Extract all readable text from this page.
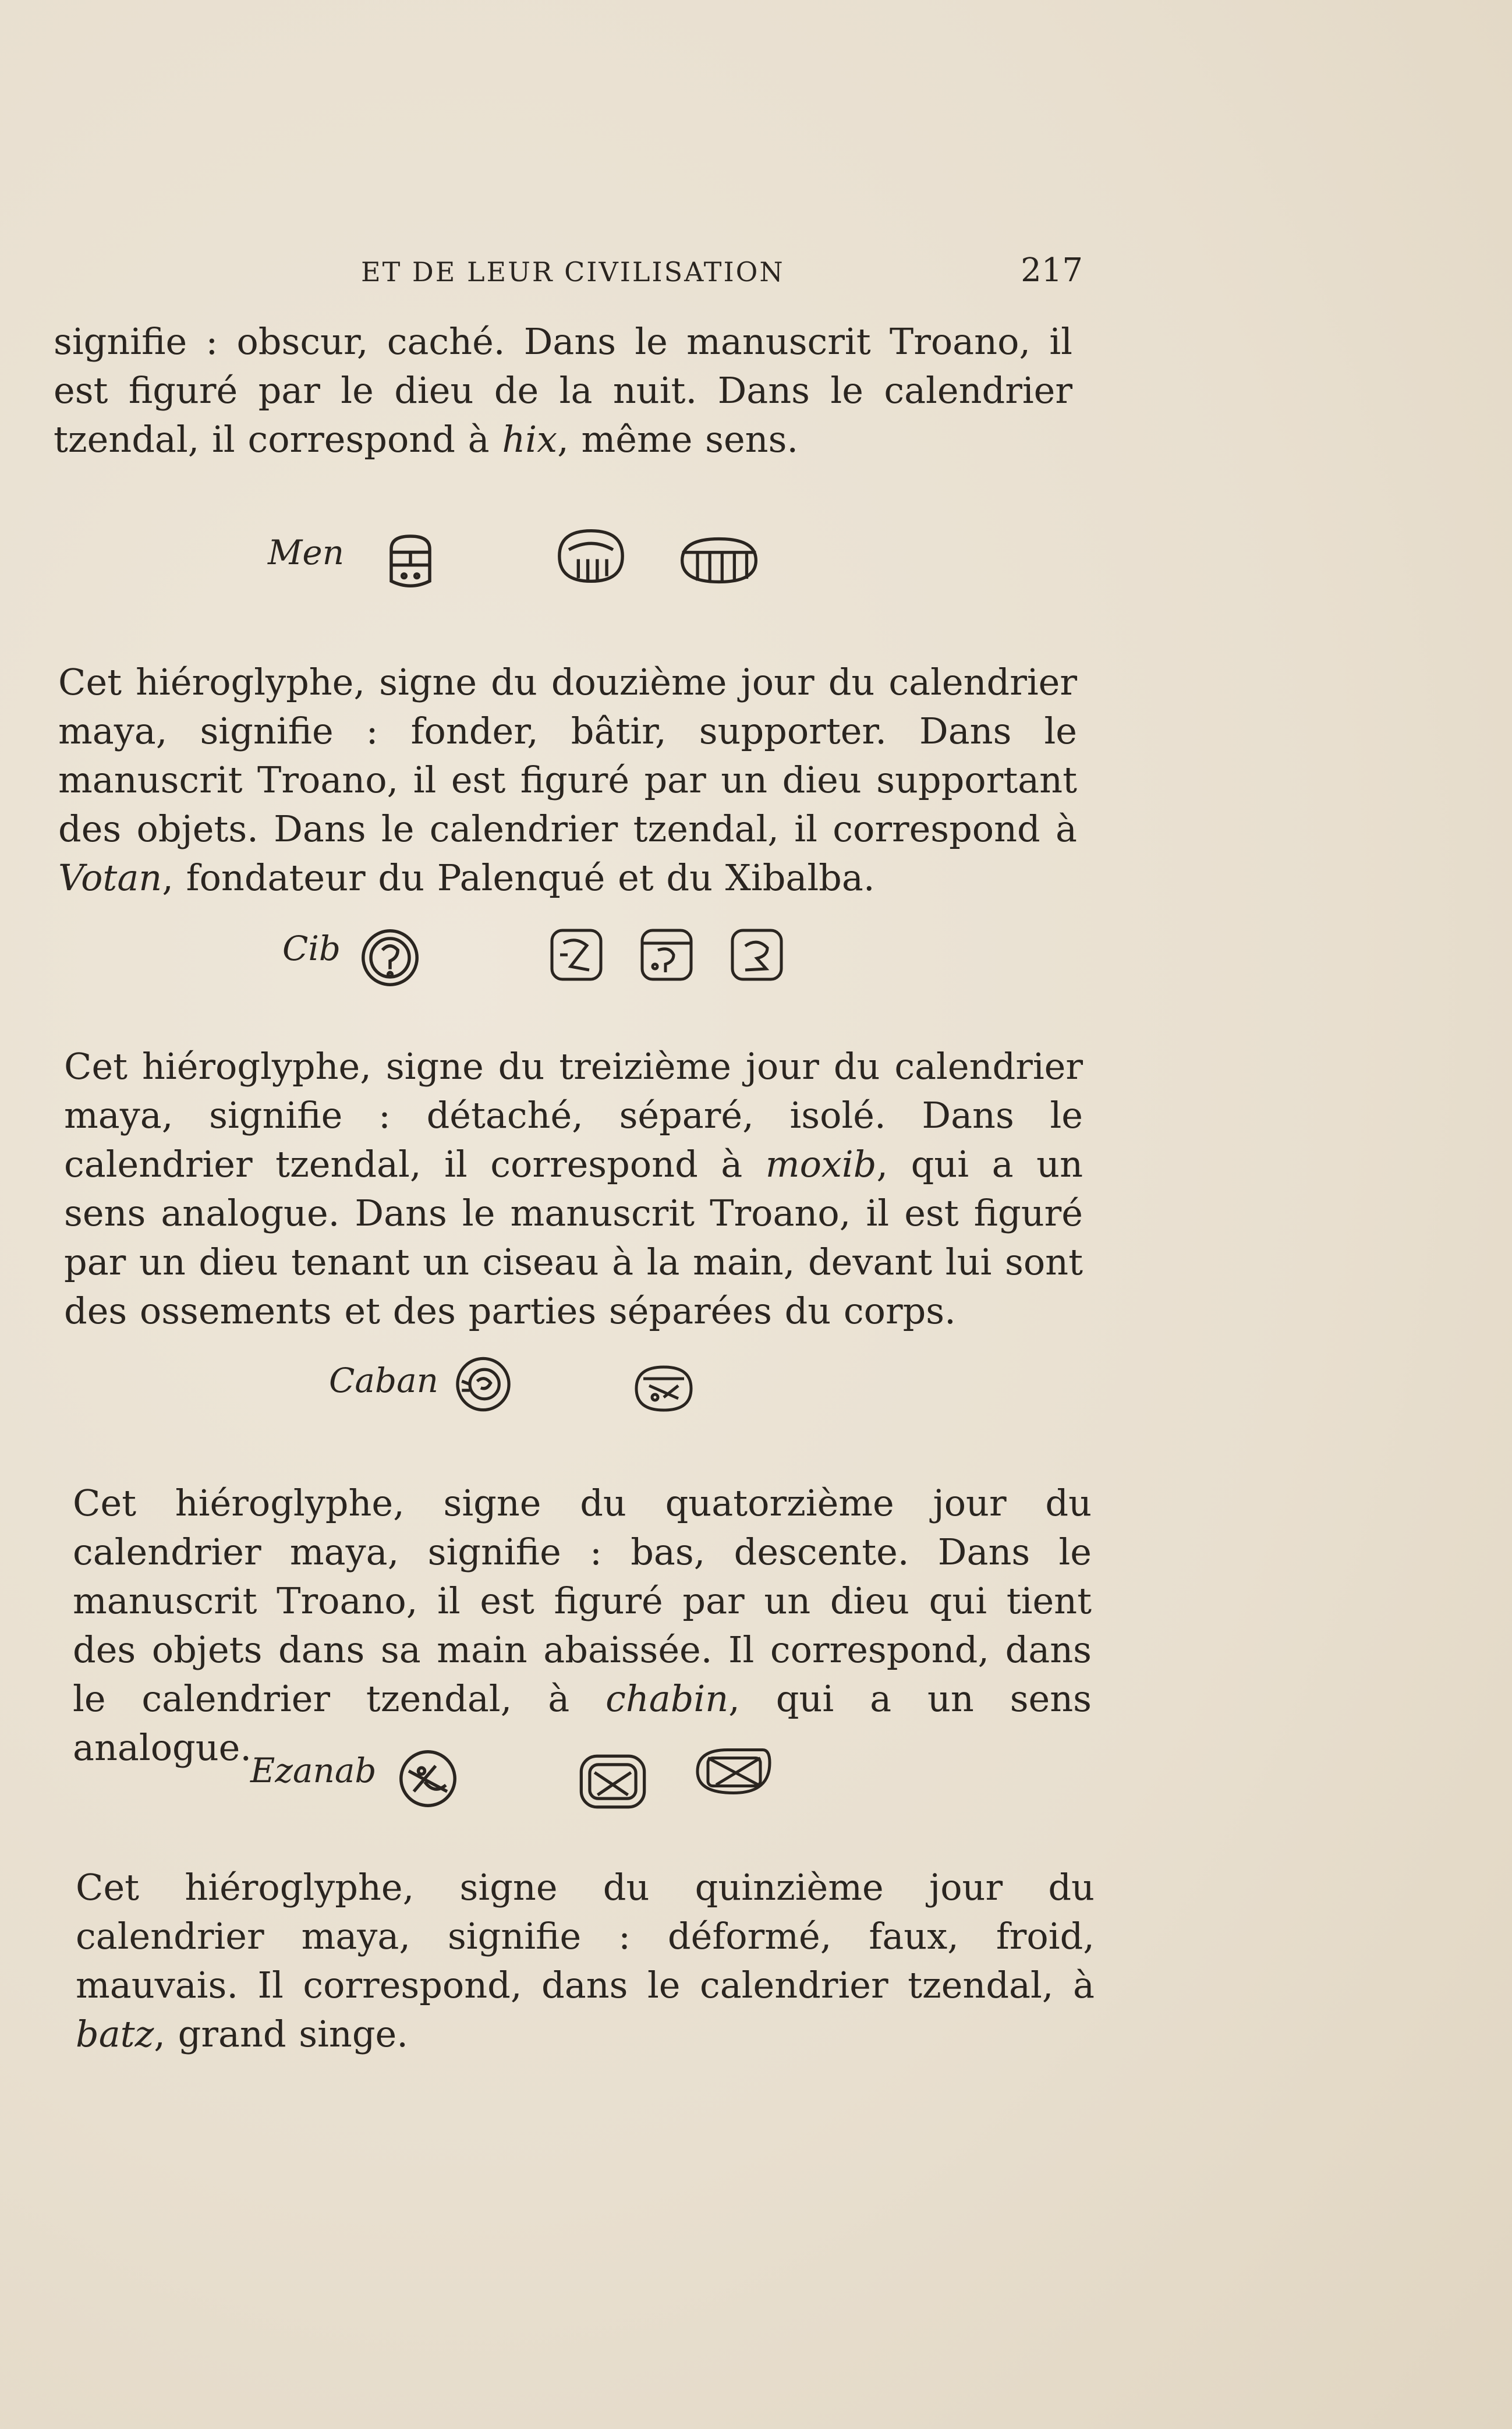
ET DE LEUR CIVILISATION	217

signifie : obscur, caché. Dans le manuscrit Troano, il est figuré par le dieu de la nuit. Dans le calendrier tzendal, il correspond à hix, même sens.

Men

Cet hiéroglyphe, signe du douzième jour du calendrier maya, signifie : fonder, bâtir, supporter. Dans le manuscrit Troano, il est figuré par un dieu supportant des objets. Dans le calendrier tzendal, il correspond à Votan, fondateur du Palenqué et du Xibalba.

Cib

Cet hiéroglyphe, signe du treizième jour du calendrier maya, signifie : détaché, séparé, isolé. Dans le calendrier tzendal, il correspond à moxib, qui a un sens analogue. Dans le manuscrit Troano, il est figuré par un dieu tenant un ciseau à la main, devant lui sont des ossements et des parties séparées du corps.

Caban

Cet hiéroglyphe, signe du quatorzième jour du calendrier maya, signifie : bas, descente. Dans le manuscrit Troano, il est figuré par un dieu qui tient des objets dans sa main abaissée. Il correspond, dans le calendrier tzendal, à chabin, qui a un sens analogue.

Ezanab

Cet hiéroglyphe, signe du quinzième jour du calendrier maya, signifie : déformé, faux, froid, mauvais. Il correspond, dans le calendrier tzendal, à batz, grand singe.
